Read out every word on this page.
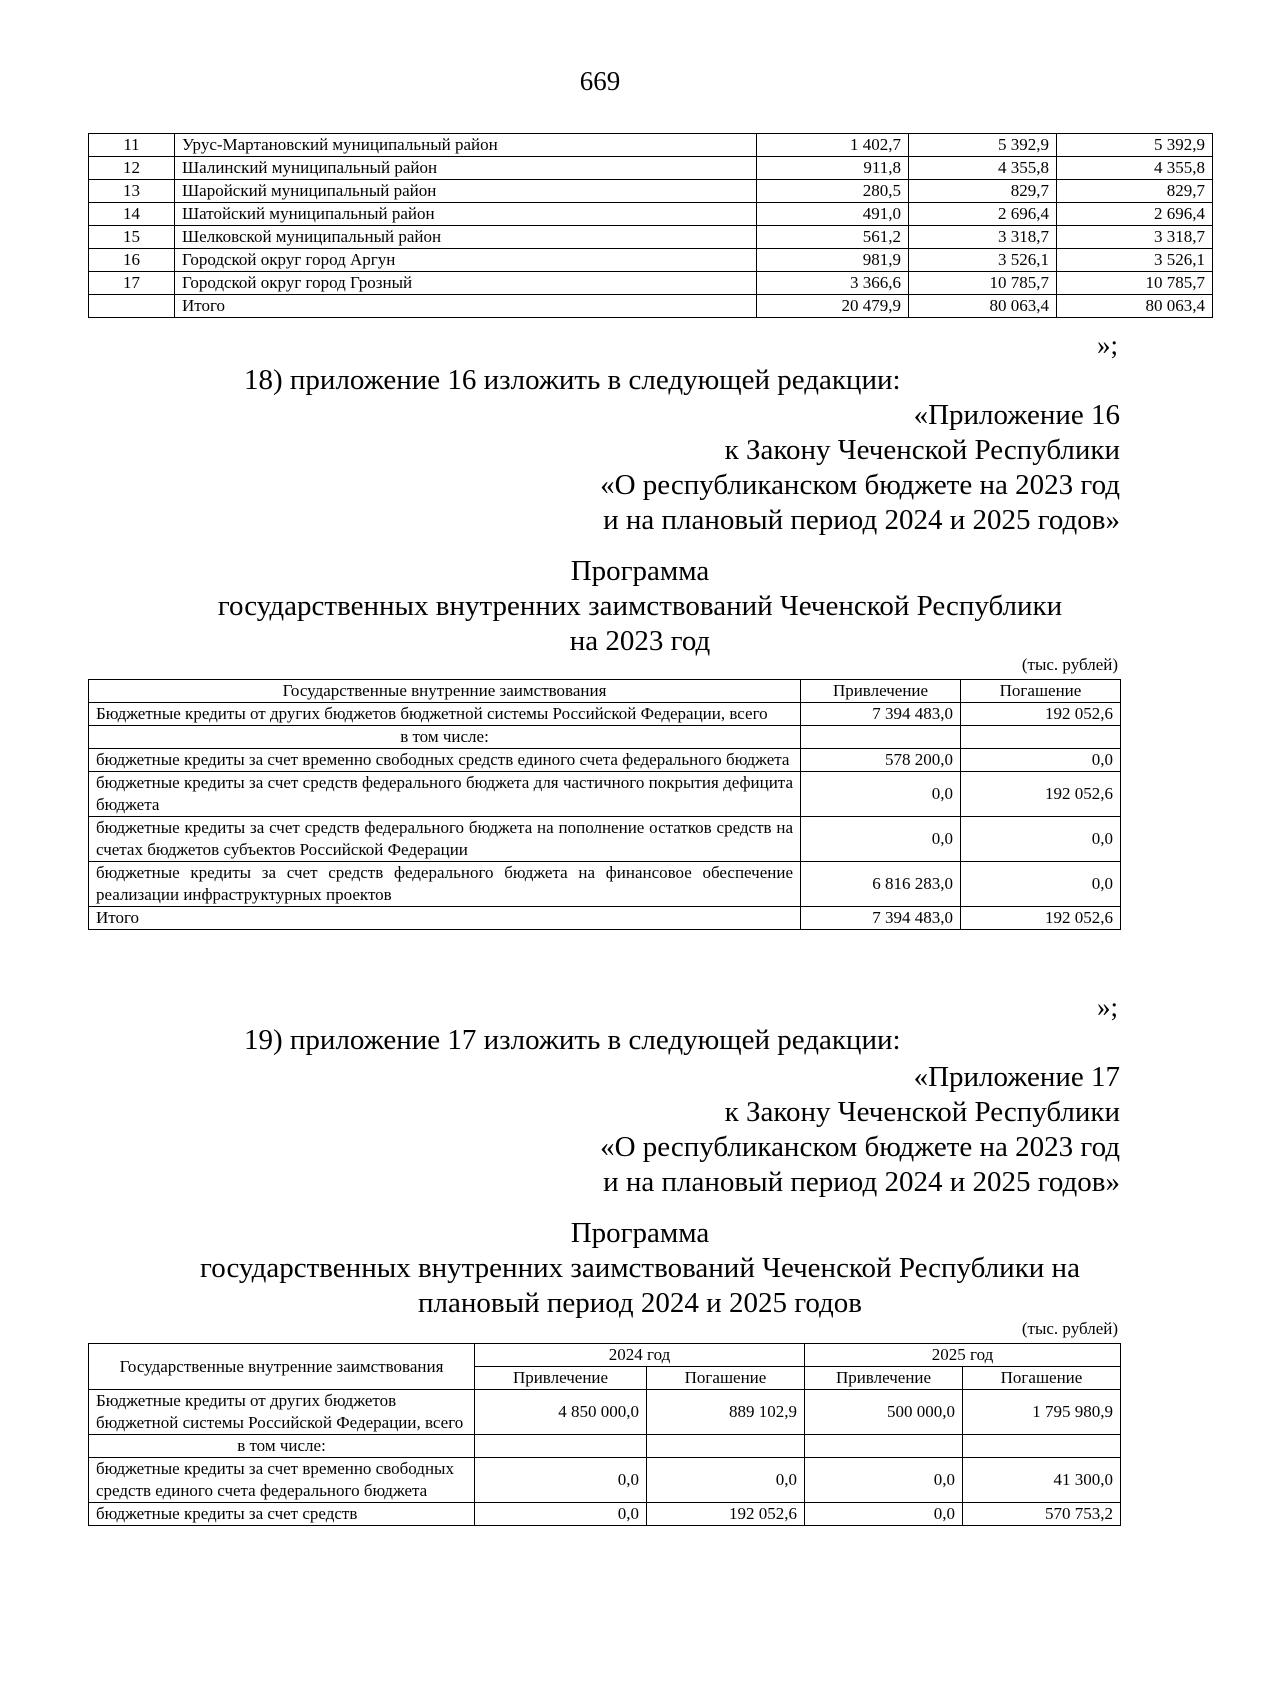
669
11	Урус-Мартановский муниципальный район	1 402,7	5 392,9	5 392,9
12	Шалинский муниципальный район	911,8	4 355,8	4 355,8
13	Шаройский муниципальный район	280,5	829,7	829,7
14	Шатойский муниципальный район	491,0	2 696,4	2 696,4
15	Шелковской муниципальный район	561,2	3 318,7	3 318,7
16	Городской округ город Аргун	981,9	3 526,1	3 526,1
17	Городской округ город Грозный	3 366,6	10 785,7	10 785,7
	Итого	20 479,9	80 063,4	80 063,4
»;
18) приложение 16 изложить в следующей редакции:
«Приложение 16
к Закону Чеченской Республики
«О республиканском бюджете на 2023 год
и на плановый период 2024 и 2025 годов»
Программа
государственных внутренних заимствований Чеченской Республики
на 2023 год
(тыс. рублей)
Государственные внутренние заимствования	Привлечение	Погашение
Бюджетные кредиты от других бюджетов бюджетной системы Российской Федерации, всего	7 394 483,0	192 052,6
в том числе:		
бюджетные кредиты за счет временно свободных средств единого счета федерального бюджета	578 200,0	0,0
бюджетные кредиты за счет средств федерального бюджета для частичного покрытия дефицита бюджета	0,0	192 052,6
бюджетные кредиты за счет средств федерального бюджета на пополнение остатков средств на счетах бюджетов субъектов Российской Федерации	0,0	0,0
бюджетные кредиты за счет средств федерального бюджета на финансовое обеспечение реализации инфраструктурных проектов	6 816 283,0	0,0
Итого	7 394 483,0	192 052,6
»;
19) приложение 17 изложить в следующей редакции:
«Приложение 17
к Закону Чеченской Республики
«О республиканском бюджете на 2023 год
и на плановый период 2024 и 2025 годов»
Программа
государственных внутренних заимствований Чеченской Республики на
плановый период 2024 и 2025 годов
(тыс. рублей)
Государственные внутренние заимствования	2024 год		2025 год	
	Привлечение	Погашение	Привлечение	Погашение
Бюджетные кредиты от других бюджетов бюджетной системы Российской Федерации, всего	4 850 000,0	889 102,9	500 000,0	1 795 980,9
в том числе:				
бюджетные кредиты за счет временно свободных средств единого счета федерального бюджета	0,0	0,0	0,0	41 300,0
бюджетные кредиты за счет средств	0,0	192 052,6	0,0	570 753,2
